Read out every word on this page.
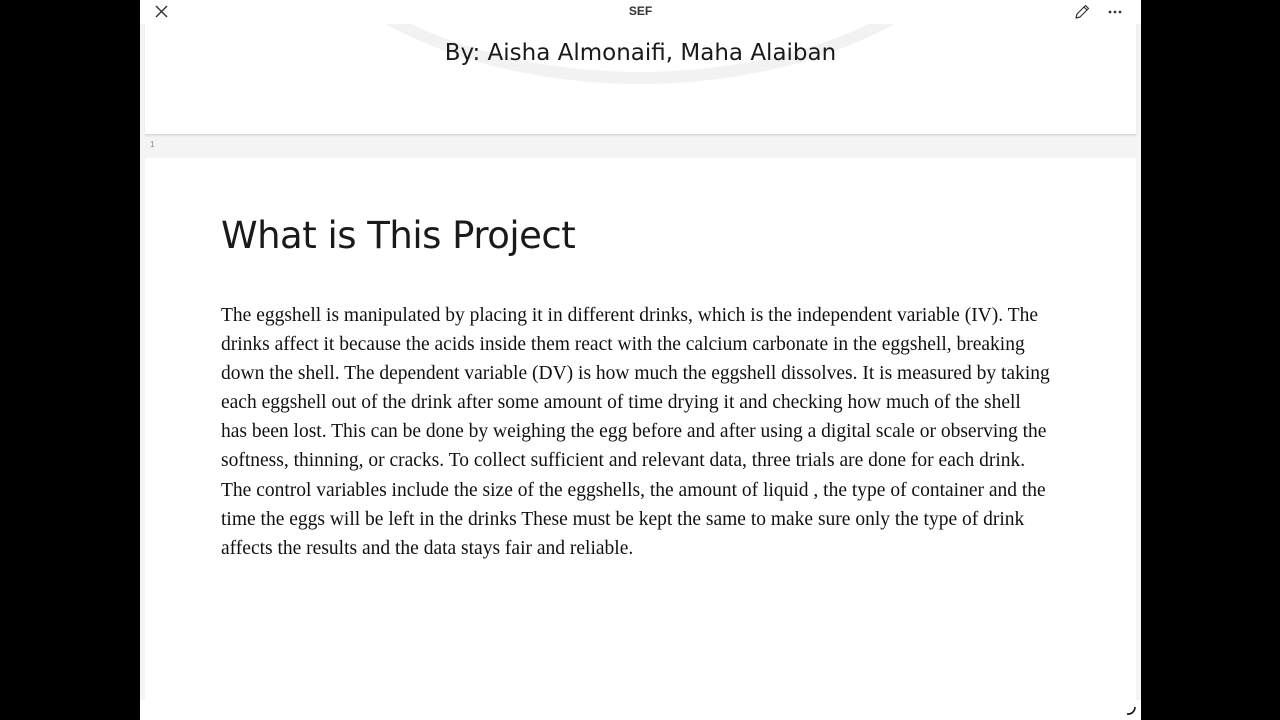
SEF
By: Aisha Almonaifi, Maha Alaiban
1
What is This Project

The eggshell is manipulated by placing it in different drinks, which is the independent variable (IV). The drinks affect it because the acids inside them react with the calcium carbonate in the eggshell, breaking down the shell. The dependent variable (DV) is how much the eggshell dissolves. It is measured by taking each eggshell out of the drink after some amount of time drying it and checking how much of the shell has been lost. This can be done by weighing the egg before and after using a digital scale or observing the softness, thinning, or cracks. To collect sufficient and relevant data, three trials are done for each drink. The control variables include the size of the eggshells, the amount of liquid , the type of container and the time the eggs will be left in the drinks These must be kept the same to make sure only the type of drink affects the results and the data stays fair and reliable.
